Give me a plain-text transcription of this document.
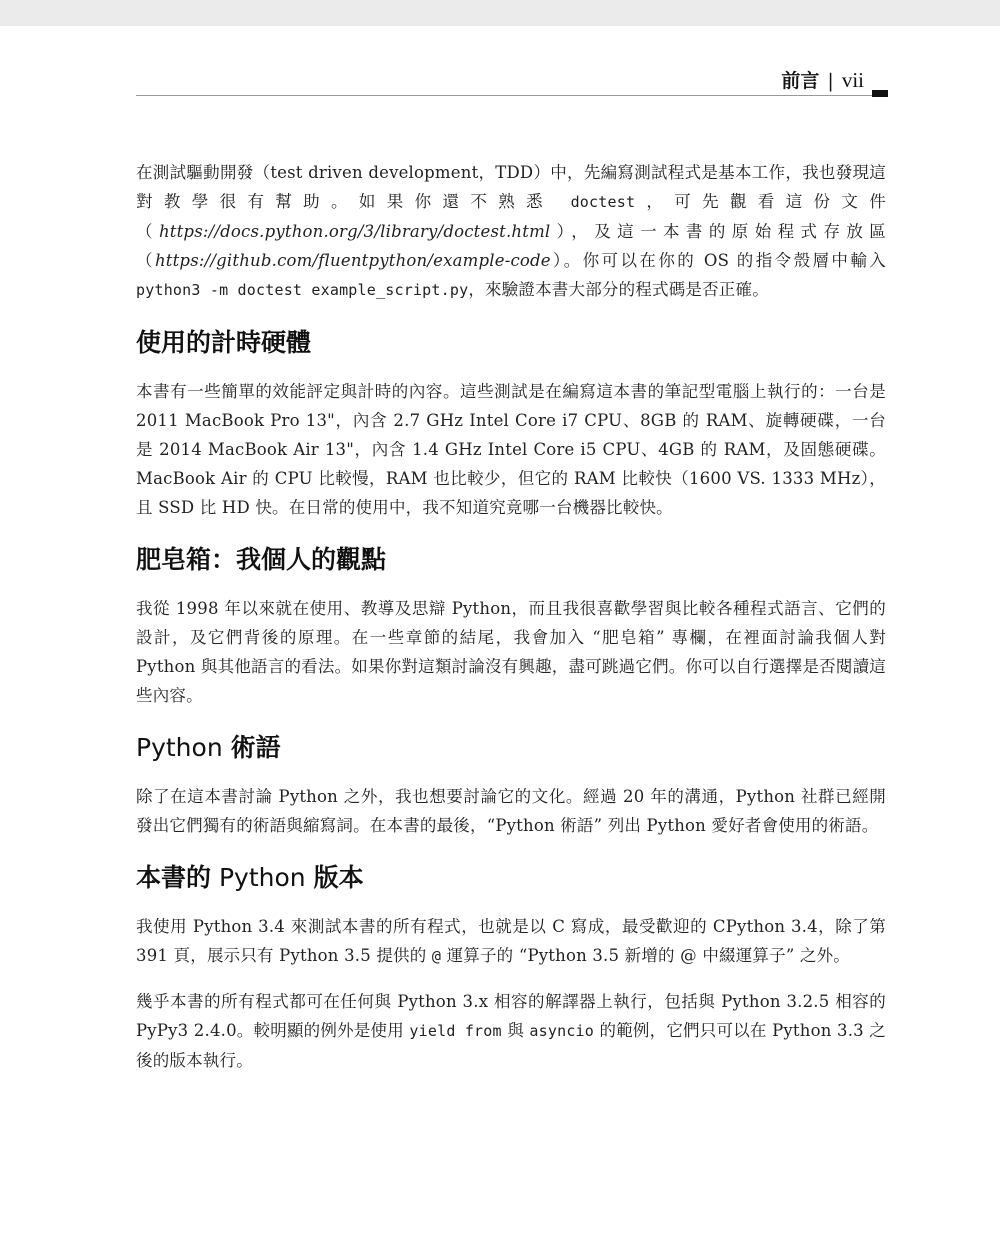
前言 | vii

在測試驅動開發（test driven development，TDD）中，先編寫測試程式是基本工作，我也發現這對教學很有幫助。如果你還不熟悉 doctest，可先觀看這份文件（https://docs.python.org/3/library/doctest.html），及這一本書的原始程式存放區（https://github.com/fluentpython/example-code）。你可以在你的 OS 的指令殼層中輸入 python3 -m doctest example_script.py，來驗證本書大部分的程式碼是否正確。

使用的計時硬體

本書有一些簡單的效能評定與計時的內容。這些測試是在編寫這本書的筆記型電腦上執行的：一台是 2011 MacBook Pro 13"，內含 2.7 GHz Intel Core i7 CPU、8GB 的 RAM、旋轉硬碟，一台是 2014 MacBook Air 13"，內含 1.4 GHz Intel Core i5 CPU、4GB 的 RAM，及固態硬碟。MacBook Air 的 CPU 比較慢，RAM 也比較少，但它的 RAM 比較快（1600 VS. 1333 MHz），且 SSD 比 HD 快。在日常的使用中，我不知道究竟哪一台機器比較快。

肥皂箱：我個人的觀點

我從 1998 年以來就在使用、教導及思辯 Python，而且我很喜歡學習與比較各種程式語言、它們的設計，及它們背後的原理。在一些章節的結尾，我會加入 “肥皂箱” 專欄，在裡面討論我個人對 Python 與其他語言的看法。如果你對這類討論沒有興趣，盡可跳過它們。你可以自行選擇是否閱讀這些內容。

Python 術語

除了在這本書討論 Python 之外，我也想要討論它的文化。經過 20 年的溝通，Python 社群已經開發出它們獨有的術語與縮寫詞。在本書的最後，“Python 術語” 列出 Python 愛好者會使用的術語。

本書的 Python 版本

我使用 Python 3.4 來測試本書的所有程式，也就是以 C 寫成，最受歡迎的 CPython 3.4，除了第 391 頁，展示只有 Python 3.5 提供的 @ 運算子的 “Python 3.5 新增的 @ 中綴運算子” 之外。

幾乎本書的所有程式都可在任何與 Python 3.x 相容的解譯器上執行，包括與 Python 3.2.5 相容的 PyPy3 2.4.0。較明顯的例外是使用 yield from 與 asyncio 的範例，它們只可以在 Python 3.3 之後的版本執行。
